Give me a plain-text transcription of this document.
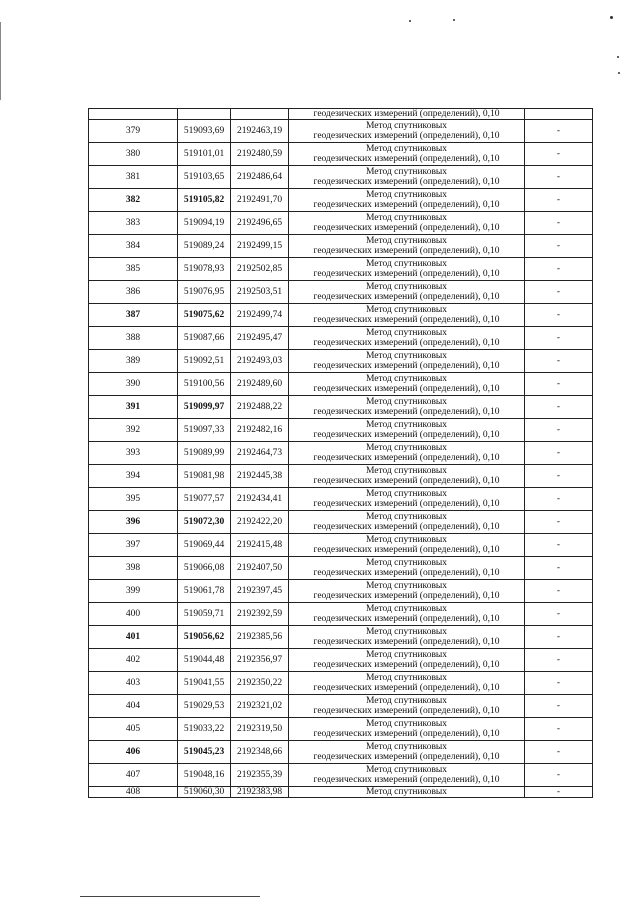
			геодезических измерений (определений), 0,10	
379	519093,69	2192463,19	Метод спутниковых
геодезических измерений (определений), 0,10	-
380	519101,01	2192480,59	Метод спутниковых
геодезических измерений (определений), 0,10	-
381	519103,65	2192486,64	Метод спутниковых
геодезических измерений (определений), 0,10	-
382	519105,82	2192491,70	Метод спутниковых
геодезических измерений (определений), 0,10	-
383	519094,19	2192496,65	Метод спутниковых
геодезических измерений (определений), 0,10	-
384	519089,24	2192499,15	Метод спутниковых
геодезических измерений (определений), 0,10	-
385	519078,93	2192502,85	Метод спутниковых
геодезических измерений (определений), 0,10	-
386	519076,95	2192503,51	Метод спутниковых
геодезических измерений (определений), 0,10	-
387	519075,62	2192499,74	Метод спутниковых
геодезических измерений (определений), 0,10	-
388	519087,66	2192495,47	Метод спутниковых
геодезических измерений (определений), 0,10	-
389	519092,51	2192493,03	Метод спутниковых
геодезических измерений (определений), 0,10	-
390	519100,56	2192489,60	Метод спутниковых
геодезических измерений (определений), 0,10	-
391	519099,97	2192488,22	Метод спутниковых
геодезических измерений (определений), 0,10	-
392	519097,33	2192482,16	Метод спутниковых
геодезических измерений (определений), 0,10	-
393	519089,99	2192464,73	Метод спутниковых
геодезических измерений (определений), 0,10	-
394	519081,98	2192445,38	Метод спутниковых
геодезических измерений (определений), 0,10	-
395	519077,57	2192434,41	Метод спутниковых
геодезических измерений (определений), 0,10	-
396	519072,30	2192422,20	Метод спутниковых
геодезических измерений (определений), 0,10	-
397	519069,44	2192415,48	Метод спутниковых
геодезических измерений (определений), 0,10	-
398	519066,08	2192407,50	Метод спутниковых
геодезических измерений (определений), 0,10	-
399	519061,78	2192397,45	Метод спутниковых
геодезических измерений (определений), 0,10	-
400	519059,71	2192392,59	Метод спутниковых
геодезических измерений (определений), 0,10	-
401	519056,62	2192385,56	Метод спутниковых
геодезических измерений (определений), 0,10	-
402	519044,48	2192356,97	Метод спутниковых
геодезических измерений (определений), 0,10	-
403	519041,55	2192350,22	Метод спутниковых
геодезических измерений (определений), 0,10	-
404	519029,53	2192321,02	Метод спутниковых
геодезических измерений (определений), 0,10	-
405	519033,22	2192319,50	Метод спутниковых
геодезических измерений (определений), 0,10	-
406	519045,23	2192348,66	Метод спутниковых
геодезических измерений (определений), 0,10	-
407	519048,16	2192355,39	Метод спутниковых
геодезических измерений (определений), 0,10	-
408	519060,30	2192383,98	Метод спутниковых	-
